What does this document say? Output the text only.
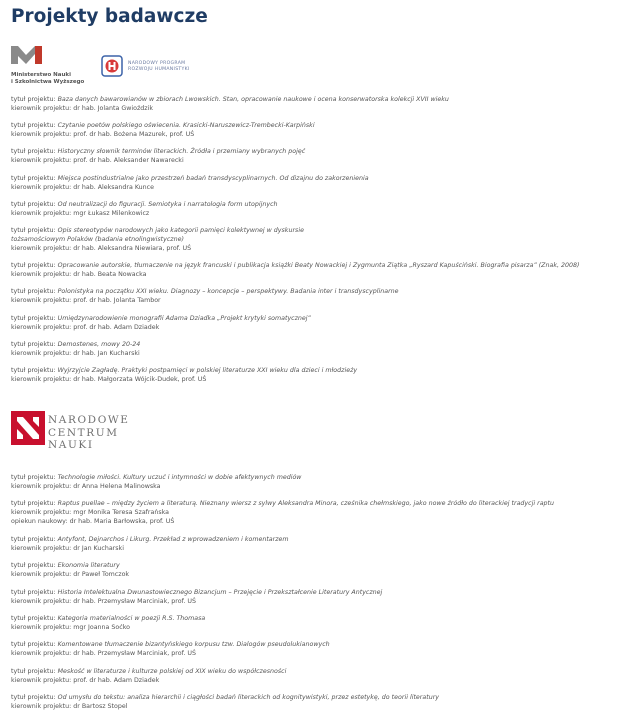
Projekty badawcze
Ministerstwo Nauki
i Szkolnictwa Wyższego
NARODOWY PROGRAM
ROZWOJU HUMANISTYKI
tytuł projektu: Baza danych bawarowianów w zbiorach Lwowskich. Stan, opracowanie naukowe i ocena konserwatorska kolekcji XVII wieku
kierownik projektu: dr hab. Jolanta Gwioździk
tytuł projektu: Czytanie poetów polskiego oświecenia. Krasicki-Naruszewicz-Trembecki-Karpiński
kierownik projektu: prof. dr hab. Bożena Mazurek, prof. UŚ
tytuł projektu: Historyczny słownik terminów literackich. Źródła i przemiany wybranych pojęć
kierownik projektu: prof. dr hab. Aleksander Nawarecki
tytuł projektu: Miejsca postindustrialne jako przestrzeń badań transdyscyplinarnych. Od dizajnu do zakorzenienia
kierownik projektu: dr hab. Aleksandra Kunce
tytuł projektu: Od neutralizacji do figuracji. Semiotyka i narratologia form utopijnych
kierownik projektu: mgr Łukasz Milenkowicz
tytuł projektu: Opis stereotypów narodowych jako kategorii pamięci kolektywnej w dyskursie
tożsamościowym Polaków (badania etnolingwistyczne)
kierownik projektu: dr hab. Aleksandra Niewiara, prof. UŚ
tytuł projektu: Opracowanie autorskie, tłumaczenie na język francuski i publikacja książki Beaty Nowackiej i Zygmunta Ziątka „Ryszard Kapuściński. Biografia pisarza” (Znak, 2008)
kierownik projektu: dr hab. Beata Nowacka
tytuł projektu: Polonistyka na początku XXI wieku. Diagnozy – koncepcje – perspektywy. Badania inter i transdyscyplinarne
kierownik projektu: prof. dr hab. Jolanta Tambor
tytuł projektu: Umiędzynarodowienie monografii Adama Dziadka „Projekt krytyki somatycznej”
kierownik projektu: prof. dr hab. Adam Dziadek
tytuł projektu: Demostenes, mowy 20-24
kierownik projektu: dr hab. Jan Kucharski
tytuł projektu: Wyjrzyjcie Zagładę. Praktyki postpamięci w polskiej literaturze XXI wieku dla dzieci i młodzieży
kierownik projektu: dr hab. Małgorzata Wójcik-Dudek, prof. UŚ
NARODOWE
CENTRUM
NAUKI
tytuł projektu: Technologie miłości. Kultury uczuć i intymności w dobie afektywnych mediów
kierownik projektu: dr Anna Helena Malinowska
tytuł projektu: Raptus puellae – między życiem a literaturą. Nieznany wiersz z sylwy Aleksandra Minora, cześnika chełmskiego, jako nowe źródło do literackiej tradycji raptu
kierownik projektu: mgr Monika Teresa Szafrańska
opiekun naukowy: dr hab. Maria Barłowska, prof. UŚ
tytuł projektu: Antyfont, Dejnarchos i Likurg. Przekład z wprowadzeniem i komentarzem
kierownik projektu: dr Jan Kucharski
tytuł projektu: Ekonomia literatury
kierownik projektu: dr Paweł Tomczok
tytuł projektu: Historia Intelektualna Dwunastowiecznego Bizancjum – Przejęcie i Przekształcenie Literatury Antycznej
kierownik projektu: dr hab. Przemysław Marciniak, prof. UŚ
tytuł projektu: Kategoria materialności w poezji R.S. Thomasa
kierownik projektu: mgr Joanna Soćko
tytuł projektu: Komentowane tłumaczenie bizantyńskiego korpusu tzw. Dialogów pseudolukianowych
kierownik projektu: dr hab. Przemysław Marciniak, prof. UŚ
tytuł projektu: Meskość w literaturze i kulturze polskiej od XIX wieku do współczesności
kierownik projektu: prof. dr hab. Adam Dziadek
tytuł projektu: Od umysłu do tekstu: analiza hierarchii i ciągłości badań literackich od kognitywistyki, przez estetykę, do teorii literatury
kierownik projektu: dr Bartosz Stopel
